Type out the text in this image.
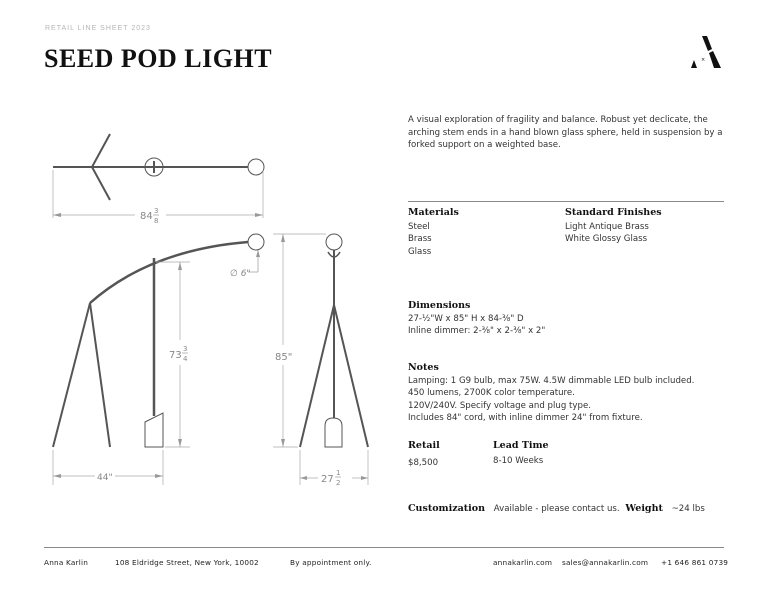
RETAIL LINE SHEET 2023
SEED POD LIGHT	×
84 3
8
∅ 6"
73
3
4
44"
85"
27
1
2
A visual exploration of fragility and balance. Robust yet declicate, the arching stem ends in a hand blown glass sphere, held in suspension by a forked support on a weighted base.
Materials
Steel
Brass
Glass
Standard Finishes
Light Antique Brass
White Glossy Glass
Dimensions
27-½"W x 85" H x 84-⅜" D
Inline dimmer: 2-⅜" x 2-⅜" x 2"
Notes
Lamping: 1 G9 bulb, max 75W. 4.5W dimmable LED bulb included.
450 lumens, 2700K color temperature.
120V/240V. Specify voltage and plug type.
Includes 84" cord, with inline dimmer 24" from fixture.
Retail
$8,500
Lead Time
8-10 Weeks
Customization Available - please contact us. Weight ~24 lbs
Anna Karlin	108 Eldridge Street, New York, 10002	By appointment only.	annakarlin.com sales@annakarlin.com +1 646 861 0739
